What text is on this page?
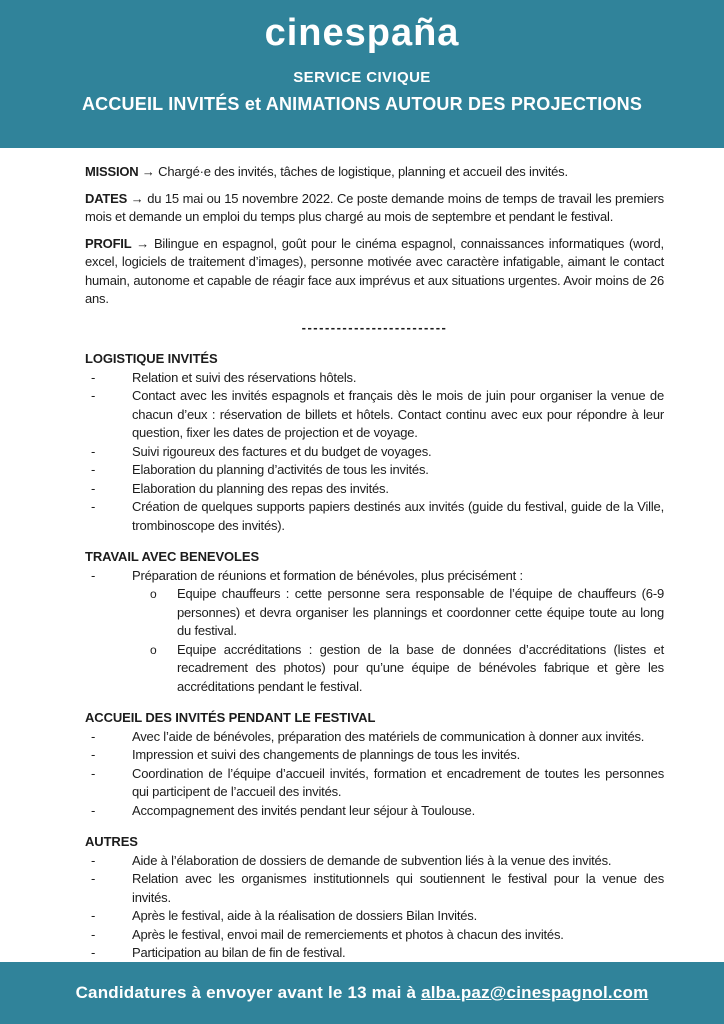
cinespaña
SERVICE CIVIQUE
ACCUEIL INVITÉS et ANIMATIONS AUTOUR DES PROJECTIONS

MISSION → Chargé·e des invités, tâches de logistique, planning et accueil des invités.

DATES → du 15 mai ou 15 novembre 2022. Ce poste demande moins de temps de travail les premiers mois et demande un emploi du temps plus chargé au mois de septembre et pendant le festival.

PROFIL → Bilingue en espagnol, goût pour le cinéma espagnol, connaissances informatiques (word, excel, logiciels de traitement d’images), personne motivée avec caractère infatigable, aimant le contact humain, autonome et capable de réagir face aux imprévus et aux situations urgentes. Avoir moins de 26 ans.

-------------------------
LOGISTIQUE INVITÉS
- Relation et suivi des réservations hôtels.
- Contact avec les invités espagnols et français dès le mois de juin pour organiser la venue de chacun d’eux : réservation de billets et hôtels. Contact continu avec eux pour répondre à leur question, fixer les dates de projection et de voyage.
- Suivi rigoureux des factures et du budget de voyages.
- Elaboration du planning d’activités de tous les invités.
- Elaboration du planning des repas des invités.
- Création de quelques supports papiers destinés aux invités (guide du festival, guide de la Ville, trombinoscope des invités).
TRAVAIL AVEC BENEVOLES
- Préparation de réunions et formation de bénévoles, plus précisément :
o Equipe chauffeurs : cette personne sera responsable de l’équipe de chauffeurs (6-9 personnes) et devra organiser les plannings et coordonner cette équipe toute au long du festival.
o Equipe accréditations : gestion de la base de données d’accréditations (listes et recadrement des photos) pour qu’une équipe de bénévoles fabrique et gère les accréditations pendant le festival.
ACCUEIL DES INVITÉS PENDANT LE FESTIVAL
- Avec l’aide de bénévoles, préparation des matériels de communication à donner aux invités.
- Impression et suivi des changements de plannings de tous les invités.
- Coordination de l’équipe d’accueil invités, formation et encadrement de toutes les personnes qui participent de l’accueil des invités.
- Accompagnement des invités pendant leur séjour à Toulouse.
AUTRES
- Aide à l’élaboration de dossiers de demande de subvention liés à la venue des invités.
- Relation avec les organismes institutionnels qui soutiennent le festival pour la venue des invités.
- Après le festival, aide à la réalisation de dossiers Bilan Invités.
- Après le festival, envoi mail de remerciements et photos à chacun des invités.
- Participation au bilan de fin de festival.

Candidatures à envoyer avant le 13 mai à alba.paz@cinespagnol.com
